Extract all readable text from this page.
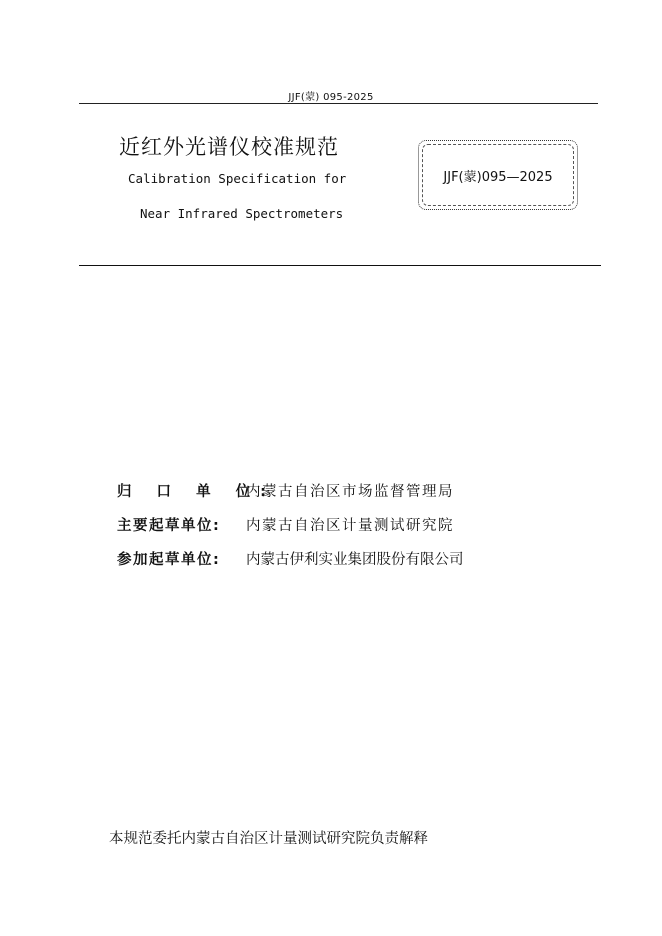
JJF(蒙) 095-2025
近红外光谱仪校准规范
Calibration Specification for
Near Infrared Spectrometers
JJF(蒙)095—2025
归 口 单 位:
内蒙古自治区市场监督管理局
主要起草单位: 内蒙古自治区计量测试研究院
参加起草单位: 内蒙古伊利实业集团股份有限公司
本规范委托内蒙古自治区计量测试研究院负责解释
